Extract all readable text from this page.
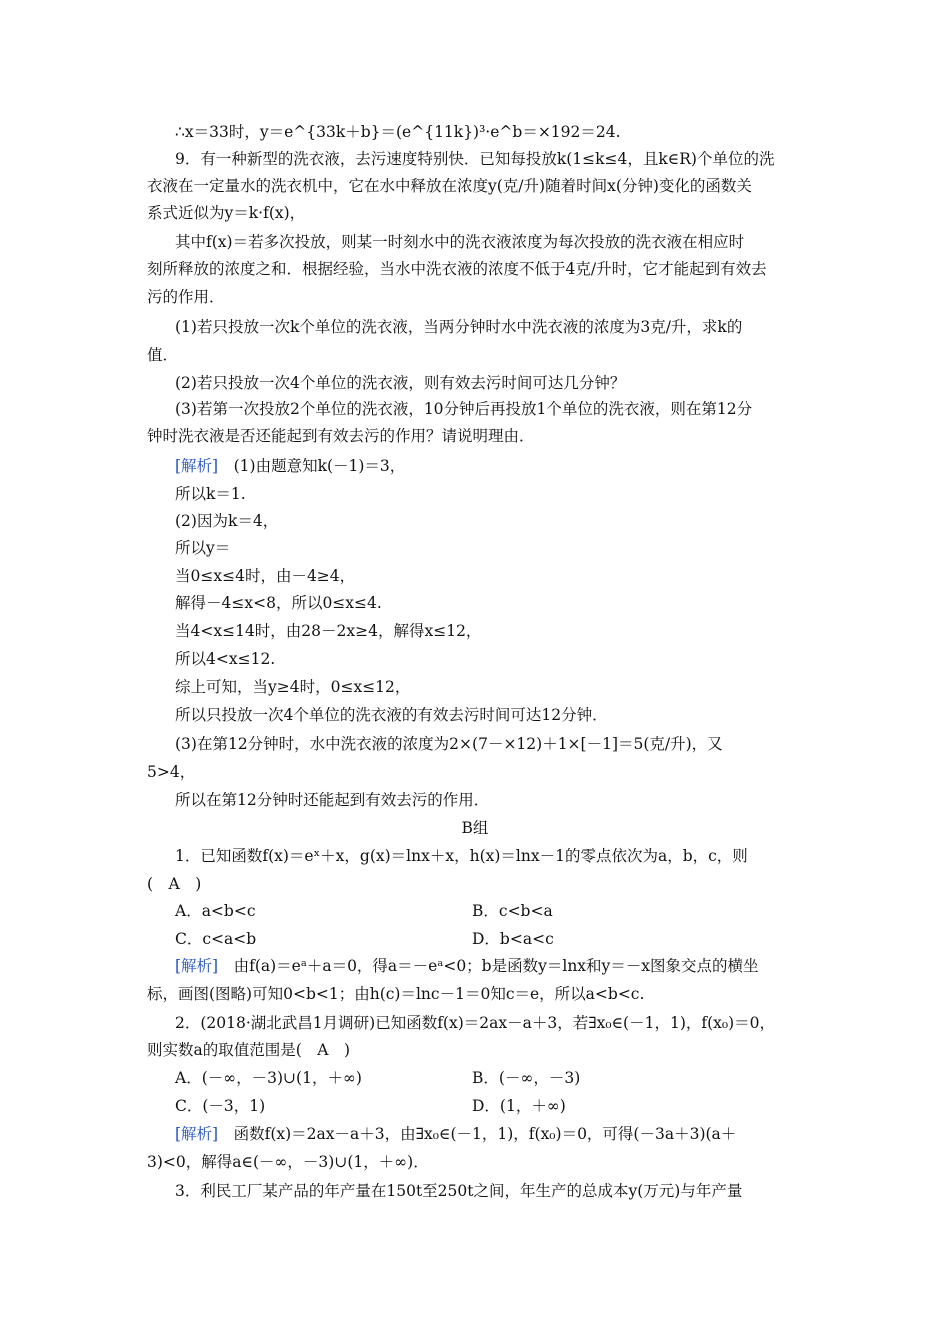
∴x＝33时，y＝e^{33k＋b}＝(e^{11k})³·e^b＝×192＝24.
9．有一种新型的洗衣液，去污速度特别快．已知每投放k(1≤k≤4，且k∈R)个单位的洗
衣液在一定量水的洗衣机中，它在水中释放在浓度y(克/升)随着时间x(分钟)变化的函数关
系式近似为y＝k·f(x)，
其中f(x)＝若多次投放，则某一时刻水中的洗衣液浓度为每次投放的洗衣液在相应时
刻所释放的浓度之和．根据经验，当水中洗衣液的浓度不低于4克/升时，它才能起到有效去
污的作用．
(1)若只投放一次k个单位的洗衣液，当两分钟时水中洗衣液的浓度为3克/升，求k的
值．
(2)若只投放一次4个单位的洗衣液，则有效去污时间可达几分钟？
(3)若第一次投放2个单位的洗衣液，10分钟后再投放1个单位的洗衣液，则在第12分
钟时洗衣液是否还能起到有效去污的作用？请说明理由．
[解析]　(1)由题意知k(－1)＝3，
所以k＝1.
(2)因为k＝4，
所以y＝
当0≤x≤4时，由－4≥4，
解得－4≤x<8，所以0≤x≤4.
当4<x≤14时，由28－2x≥4，解得x≤12，
所以4<x≤12.
综上可知，当y≥4时，0≤x≤12，
所以只投放一次4个单位的洗衣液的有效去污时间可达12分钟．
(3)在第12分钟时，水中洗衣液的浓度为2×(7－×12)＋1×[－1]＝5(克/升)，又
5>4，
所以在第12分钟时还能起到有效去污的作用．
B组
1．已知函数f(x)＝eˣ＋x，g(x)＝lnx＋x，h(x)＝lnx－1的零点依次为a，b，c，则
(　A　)
A．a<b<c	B．c<b<a
C．c<a<b	D．b<a<c
[解析]　由f(a)＝eᵃ＋a＝0，得a＝－eᵃ<0；b是函数y＝lnx和y＝－x图象交点的横坐
标，画图(图略)可知0<b<1；由h(c)＝lnc－1＝0知c＝e，所以a<b<c.
2．(2018·湖北武昌1月调研)已知函数f(x)＝2ax－a＋3，若∃x₀∈(－1，1)，f(x₀)＝0，
则实数a的取值范围是(　A　)
A．(－∞，－3)∪(1，＋∞)	B．(－∞，－3)
C．(－3，1)	D．(1，＋∞)
[解析]　函数f(x)＝2ax－a＋3，由∃x₀∈(－1，1)，f(x₀)＝0，可得(－3a＋3)(a＋
3)<0，解得a∈(－∞，－3)∪(1，＋∞)．
3．利民工厂某产品的年产量在150t至250t之间，年生产的总成本y(万元)与年产量
